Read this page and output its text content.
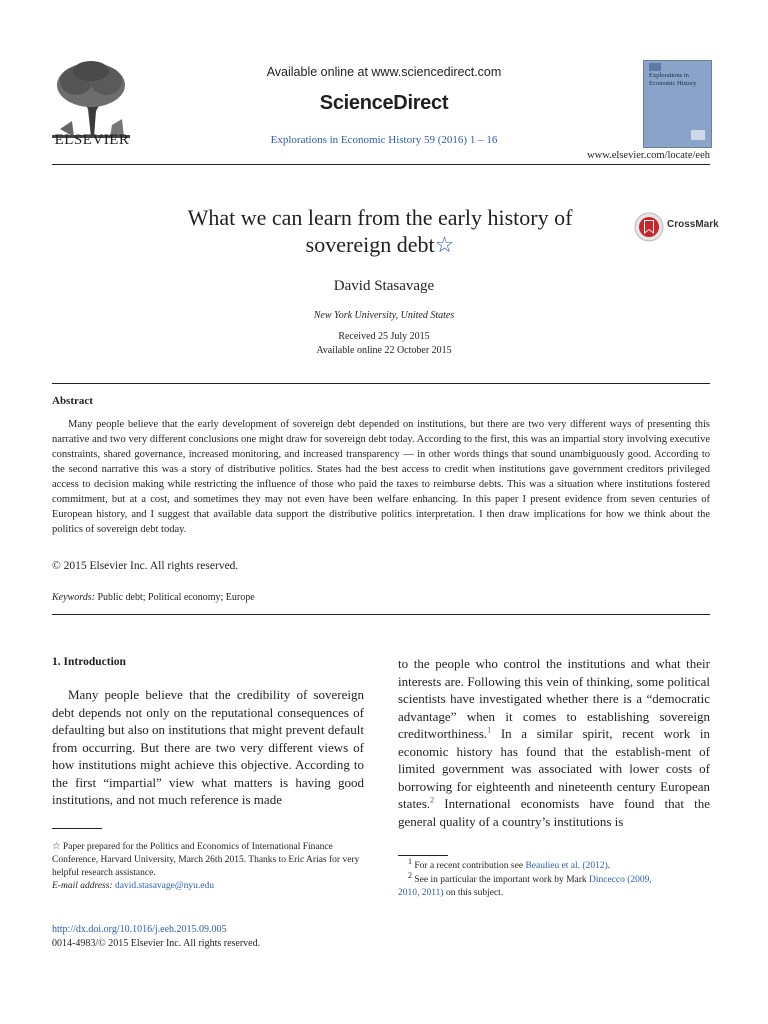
ELSEVIER
Available online at www.sciencedirect.com
ScienceDirect
Explorations in Economic History 59 (2016) 1 – 16
Explorations in Economic History
www.elsevier.com/locate/eeh
What we can learn from the early history of
sovereign debt☆
CrossMark
David Stasavage
New York University, United States
Received 25 July 2015
Available online 22 October 2015
Abstract
Many people believe that the early development of sovereign debt depended on institutions, but there are two very different ways of presenting this narrative and two very different conclusions one might draw for sovereign debt today. According to the first, this was an impartial story involving executive constraints, shared governance, increased monitoring, and increased transparency — in other words things that sound unambiguously good. According to the second narrative this was a story of distributive politics. States had the best access to credit when institutions gave government creditors privileged access to decision making while restricting the influence of those who paid the taxes to reimburse debts. This was a situation where institutions fostered commitment, but at a cost, and sometimes they may not even have been welfare enhancing. In this paper I present evidence from seven centuries of European history, and I suggest that available data support the distributive politics interpretation. I then draw implications for how we think about the politics of sovereign debt today.
© 2015 Elsevier Inc. All rights reserved.
Keywords: Public debt; Political economy; Europe
1. Introduction
Many people believe that the credibility of sovereign debt depends not only on the reputational consequences of defaulting but also on institutions that might prevent default from occurring. But there are two very different views of how institutions might achieve this objective. According to the first “impartial” view what matters is having good institutions, and not much reference is made
to the people who control the institutions and what their interests are. Following this vein of thinking, some political scientists have investigated whether there is a “democratic advantage” when it comes to establishing sovereign creditworthiness.$^1$ In a similar spirit, recent work in economic history has found that the establish-ment of limited government was associated with lower costs of borrowing for eighteenth and nineteenth century European states.$^2$ International economists have found that the general quality of a country’s institutions is
☆ Paper prepared for the Politics and Economics of International Finance Conference, Harvard University, March 26th 2015. Thanks to Eric Arias for very helpful research assistance.
E-mail address: david.stasavage@nyu.edu
$^1$ For a recent contribution see Beaulieu et al. (2012).
$^2$ See in particular the important work by Mark Dincecco (2009,
2010, 2011) on this subject.
http://dx.doi.org/10.1016/j.eeh.2015.09.005
0014-4983/© 2015 Elsevier Inc. All rights reserved.
